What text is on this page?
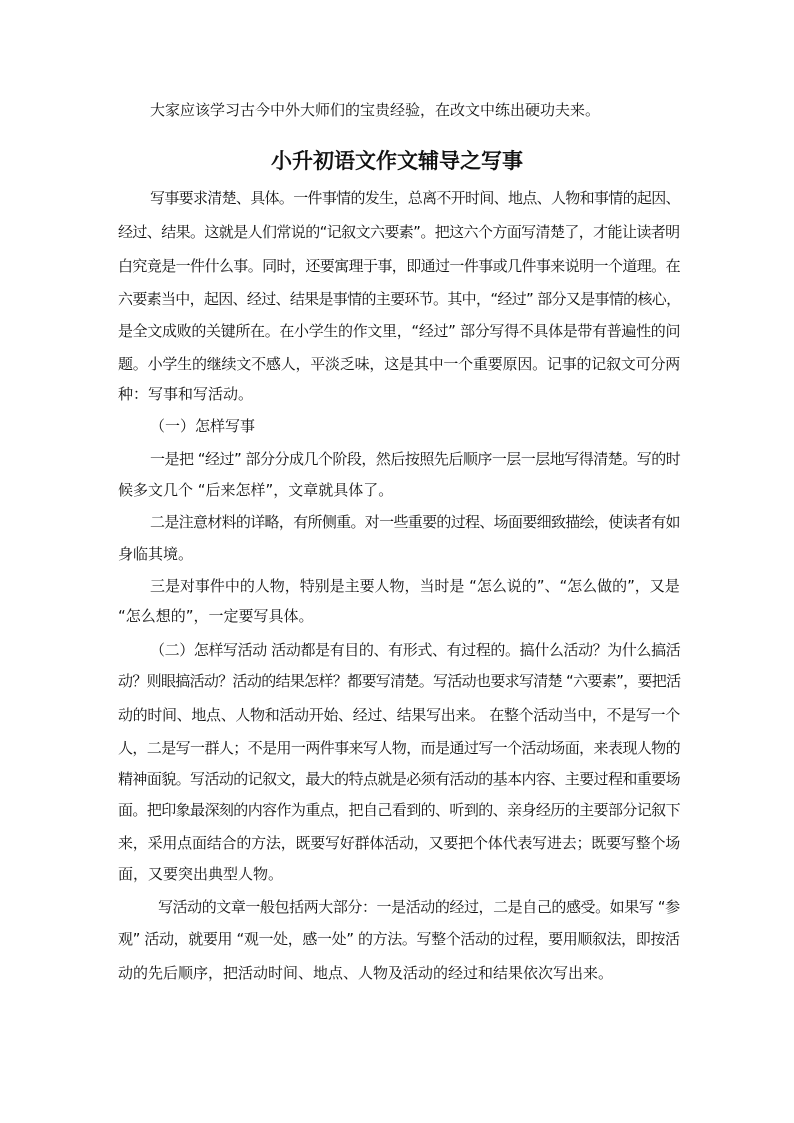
大家应该学习古今中外大师们的宝贵经验，在改文中练出硬功夫来。
小升初语文作文辅导之写事
写事要求清楚、具体。一件事情的发生，总离不开时间、地点、人物和事情的起因、
经过、结果。这就是人们常说的“记叙文六要素”。把这六个方面写清楚了，才能让读者明
白究竟是一件什么事。同时，还要寓理于事，即通过一件事或几件事来说明一个道理。在
六要素当中，起因、经过、结果是事情的主要环节。其中，“经过” 部分又是事情的核心，
是全文成败的关键所在。在小学生的作文里，“经过” 部分写得不具体是带有普遍性的问
题。小学生的继续文不感人，平淡乏味，这是其中一个重要原因。记事的记叙文可分两
种：写事和写活动。
（一）怎样写事
一是把 “经过” 部分分成几个阶段，然后按照先后顺序一层一层地写得清楚。写的时
候多文几个 “后来怎样”，文章就具体了。
二是注意材料的详略，有所侧重。对一些重要的过程、场面要细致描绘，使读者有如
身临其境。
三是对事件中的人物，特别是主要人物，当时是 “怎么说的”、“怎么做的”，又是
“怎么想的”，一定要写具体。
（二）怎样写活动 活动都是有目的、有形式、有过程的。搞什么活动？为什么搞活
动？则眼搞活动？活动的结果怎样？都要写清楚。写活动也要求写清楚 “六要素”，要把活
动的时间、地点、人物和活动开始、经过、结果写出来。 在整个活动当中，不是写一个
人，二是写一群人；不是用一两件事来写人物，而是通过写一个活动场面，来表现人物的
精神面貌。写活动的记叙文，最大的特点就是必须有活动的基本内容、主要过程和重要场
面。把印象最深刻的内容作为重点，把自己看到的、听到的、亲身经历的主要部分记叙下
来，采用点面结合的方法，既要写好群体活动，又要把个体代表写进去；既要写整个场
面，又要突出典型人物。
写活动的文章一般包括两大部分：一是活动的经过，二是自己的感受。如果写 “参
观” 活动，就要用 “观一处，感一处” 的方法。写整个活动的过程，要用顺叙法，即按活
动的先后顺序，把活动时间、地点、人物及活动的经过和结果依次写出来。
